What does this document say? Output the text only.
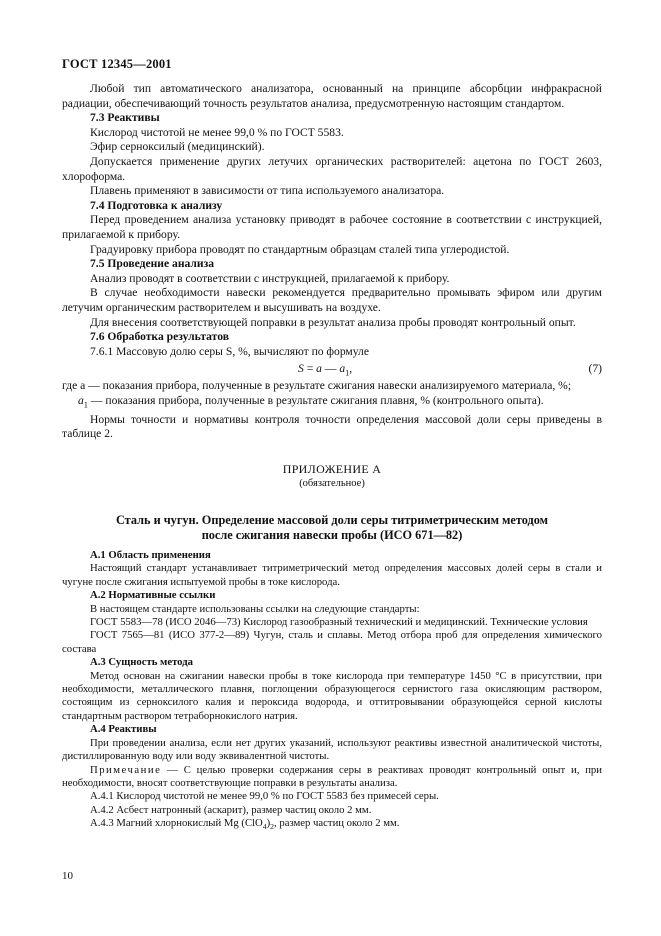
ГОСТ 12345—2001

Любой тип автоматического анализатора, основанный на принципе абсорбции инфракрасной радиации, обеспечивающий точность результатов анализа, предусмотренную настоящим стандартом.

7.3 Реактивы

Кислород чистотой не менее 99,0 % по ГОСТ 5583.

Эфир серноксилый (медицинский).

Допускается применение других летучих органических растворителей: ацетона по ГОСТ 2603, хлороформа.

Плавень применяют в зависимости от типа используемого анализатора.

7.4 Подготовка к анализу

Перед проведением анализа установку приводят в рабочее состояние в соответствии с инструкцией, прилагаемой к прибору.

Градуировку прибора проводят по стандартным образцам сталей типа углеродистой.

7.5 Проведение анализа

Анализ проводят в соответствии с инструкцией, прилагаемой к прибору.

В случае необходимости навески рекомендуется предварительно промывать эфиром или другим летучим органическим растворителем и высушивать на воздухе.

Для внесения соответствующей поправки в результат анализа пробы проводят контрольный опыт.

7.6 Обработка результатов

7.6.1 Массовую долю серы S, %, вычисляют по формуле

S = a — $a_1$,	(7)

где a — показания прибора, полученные в результате сжигания навески анализируемого материала, %;

$a_1$ — показания прибора, полученные в результате сжигания плавня, % (контрольного опыта).

Нормы точности и нормативы контроля точности определения массовой доли серы приведены в таблице 2.

ПРИЛОЖЕНИЕ А
(обязательное)
Сталь и чугун. Определение массовой доли серы титриметрическим методом
после сжигания навески пробы (ИСО 671—82)

А.1 Область применения

Настоящий стандарт устанавливает титриметрический метод определения массовых долей серы в стали и чугуне после сжигания испытуемой пробы в токе кислорода.

А.2 Нормативные ссылки

В настоящем стандарте использованы ссылки на следующие стандарты:

ГОСТ 5583—78 (ИСО 2046—73) Кислород газообразный технический и медицинский. Технические условия

ГОСТ 7565—81 (ИСО 377-2—89) Чугун, сталь и сплавы. Метод отбора проб для определения химического состава

А.3 Сущность метода

Метод основан на сжигании навески пробы в токе кислорода при температуре 1450 °С в присутствии, при необходимости, металлического плавня, поглощении образующегося сернистого газа окисляющим раствором, состоящим из серноксилого калия и пероксида водорода, и оттитровывании образующейся серной кислоты стандартным раствором тетраборнокислого натрия.

А.4 Реактивы

При проведении анализа, если нет других указаний, используют реактивы известной аналитической чистоты, дистиллированную воду или воду эквивалентной чистоты.

Примечание — С целью проверки содержания серы в реактивах проводят контрольный опыт и, при необходимости, вносят соответствующие поправки в результаты анализа.

А.4.1 Кислород чистотой не менее 99,0 % по ГОСТ 5583 без примесей серы.

А.4.2 Асбест натронный (аскарит), размер частиц около 2 мм.

А.4.3 Магний хлорнокислый Mg $(ClO_4)_2$, размер частиц около 2 мм.

10
